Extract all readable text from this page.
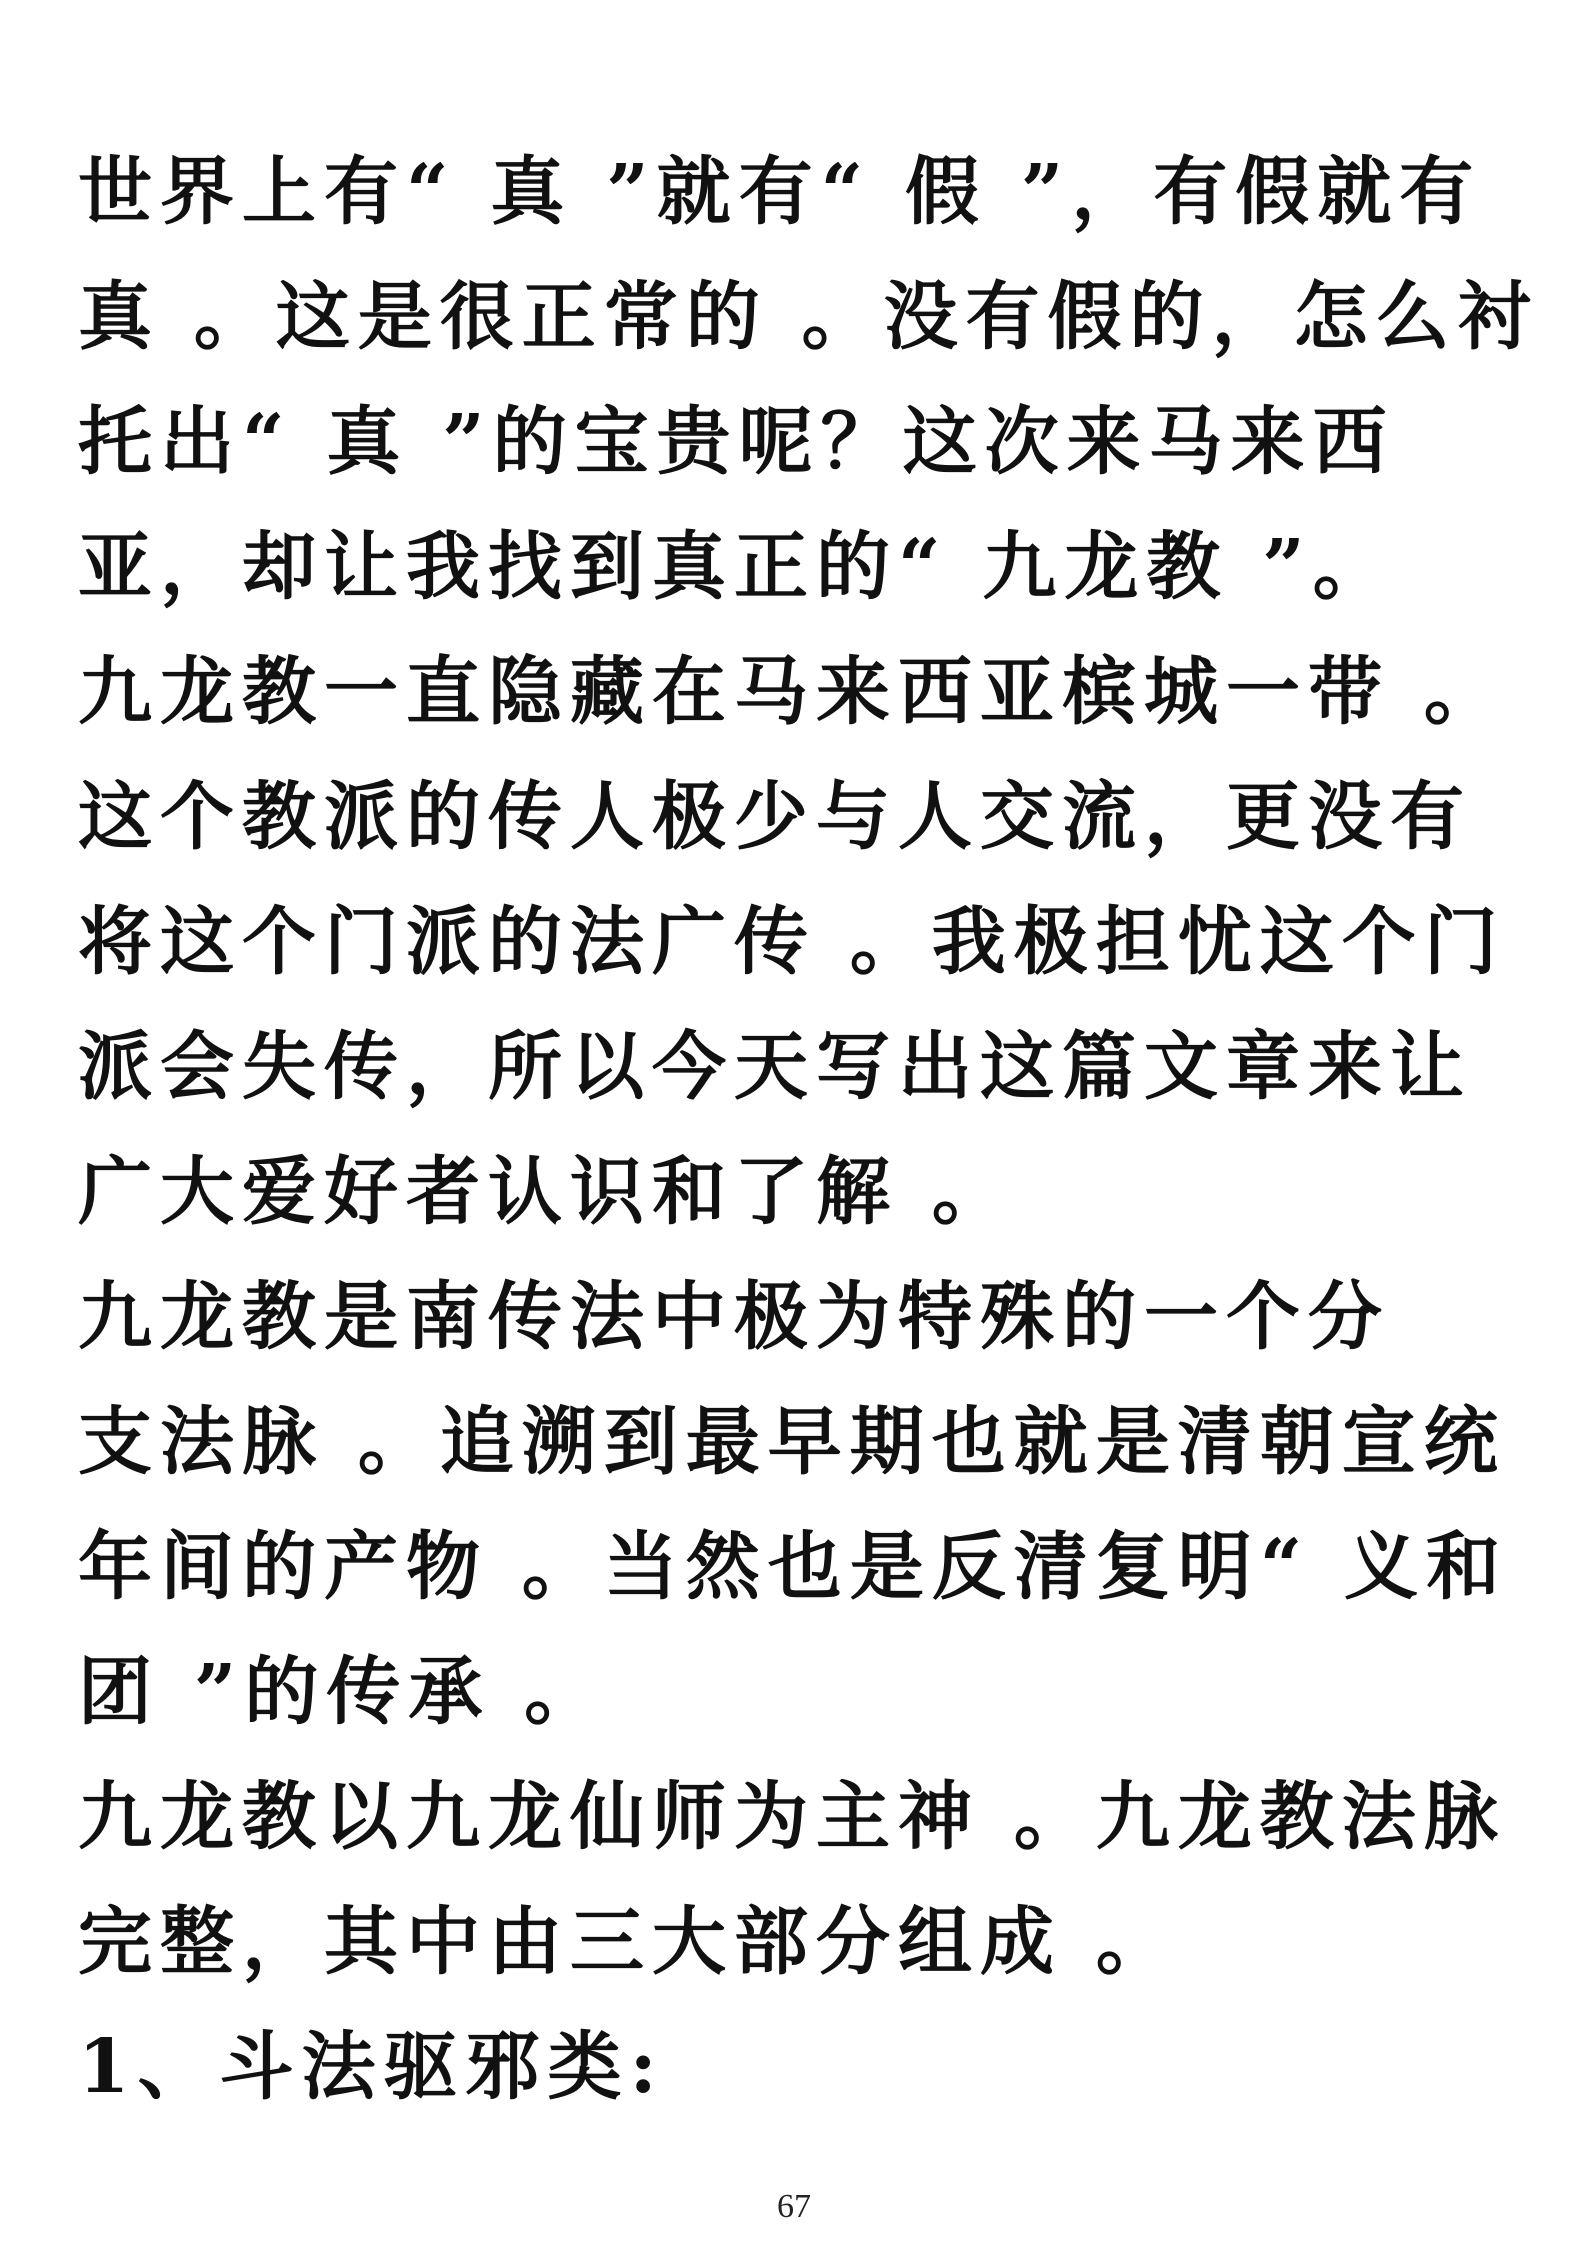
世界上有“ 真 ”就有“ 假 ”，有假就有
真 。这是很正常的 。没有假的，怎么衬
托出“ 真 ”的宝贵呢？这次来马来西
亚，却让我找到真正的“ 九龙教 ”。
九龙教一直隐藏在马来西亚槟城一带 。
这个教派的传人极少与人交流，更没有
将这个门派的法广传 。我极担忧这个门
派会失传，所以今天写出这篇文章来让
广大爱好者认识和了解 。
九龙教是南传法中极为特殊的一个分
支法脉 。追溯到最早期也就是清朝宣统
年间的产物 。当然也是反清复明“ 义和
团 ”的传承 。
九龙教以九龙仙师为主神 。九龙教法脉
完整，其中由三大部分组成 。
1、斗法驱邪类:
67
